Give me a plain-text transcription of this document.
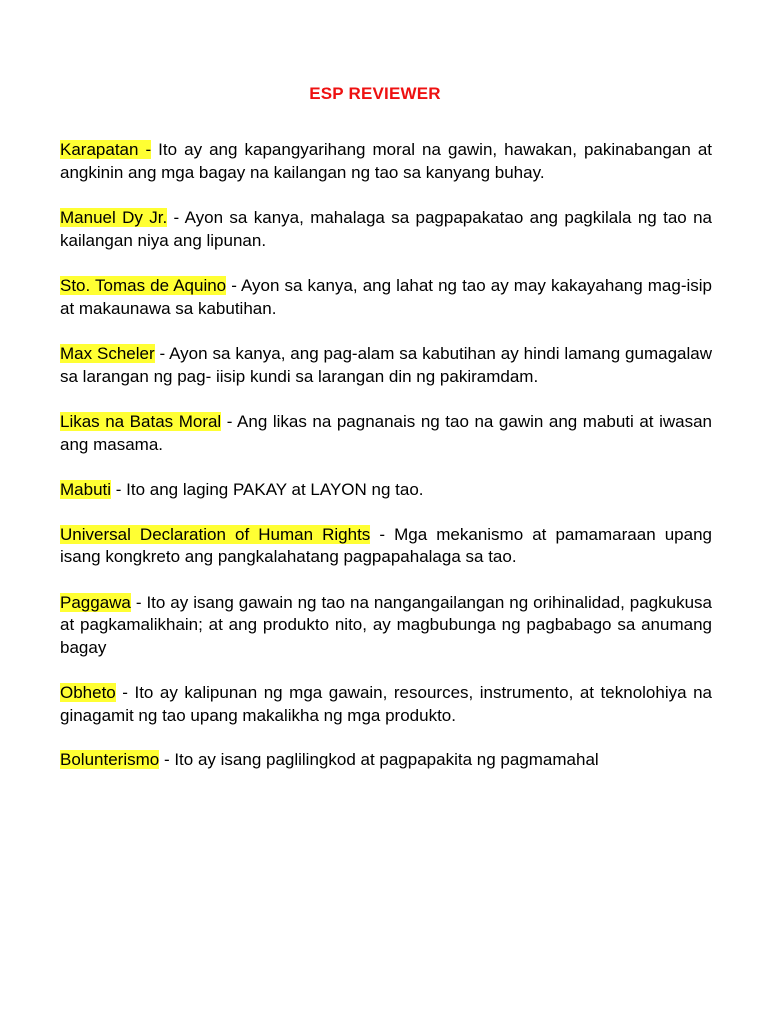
ESP REVIEWER

Karapatan - Ito ay ang kapangyarihang moral na gawin, hawakan, pakinabangan at angkinin ang mga bagay na kailangan ng tao sa kanyang buhay.

Manuel Dy Jr. - Ayon sa kanya, mahalaga sa pagpapakatao ang pagkilala ng tao na kailangan niya ang lipunan.

Sto. Tomas de Aquino - Ayon sa kanya, ang lahat ng tao ay may kakayahang mag-isip at makaunawa sa kabutihan.

Max Scheler - Ayon sa kanya, ang pag-alam sa kabutihan ay hindi lamang gumagalaw sa larangan ng pag- iisip kundi sa larangan din ng pakiramdam.

Likas na Batas Moral - Ang likas na pagnanais ng tao na gawin ang mabuti at iwasan ang masama.

Mabuti - Ito ang laging PAKAY at LAYON ng tao.

Universal Declaration of Human Rights - Mga mekanismo at pamamaraan upang isang kongkreto ang pangkalahatang pagpapahalaga sa tao.

Paggawa - Ito ay isang gawain ng tao na nangangailangan ng orihinalidad, pagkukusa at pagkamalikhain; at ang produkto nito, ay magbubunga ng pagbabago sa anumang bagay

Obheto - Ito ay kalipunan ng mga gawain, resources, instrumento, at teknolohiya na ginagamit ng tao upang makalikha ng mga produkto.

Bolunterismo - Ito ay isang paglilingkod at pagpapakita ng pagmamahal
